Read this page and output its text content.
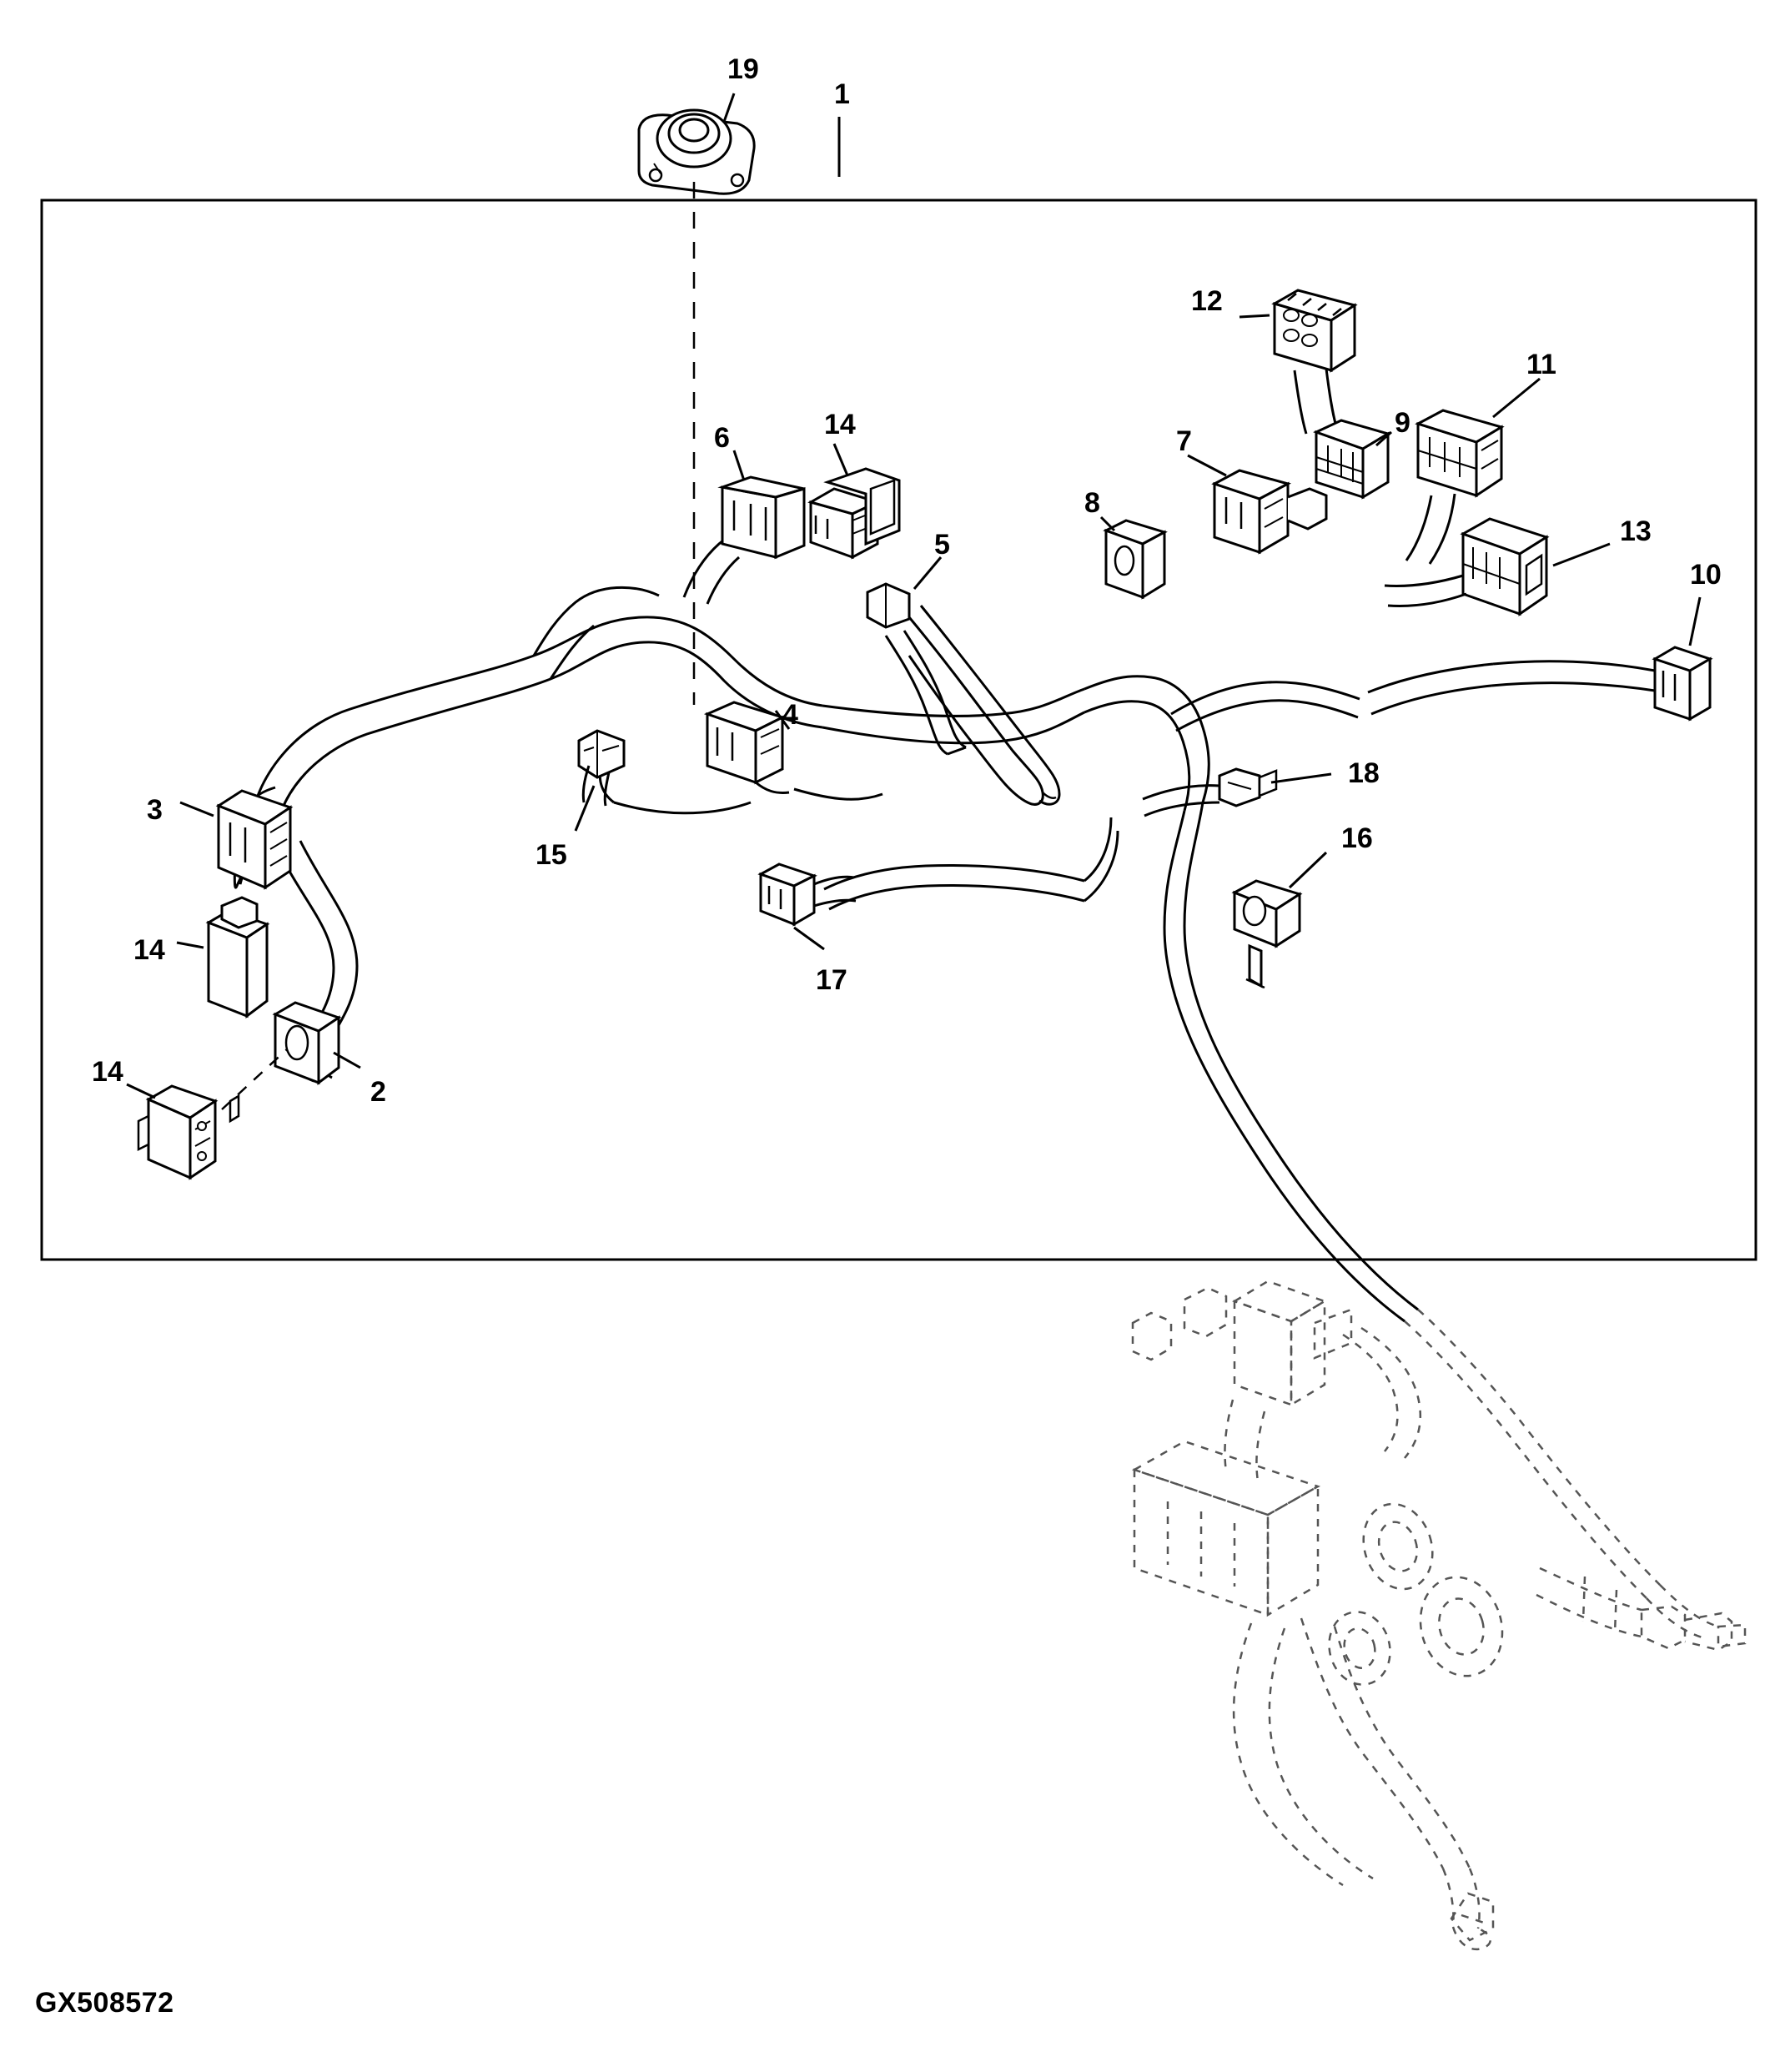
19
1
12
11
9
7
8
6	14
5	13
10
4
3
15
18
16
14
17
14
2
GX508572
